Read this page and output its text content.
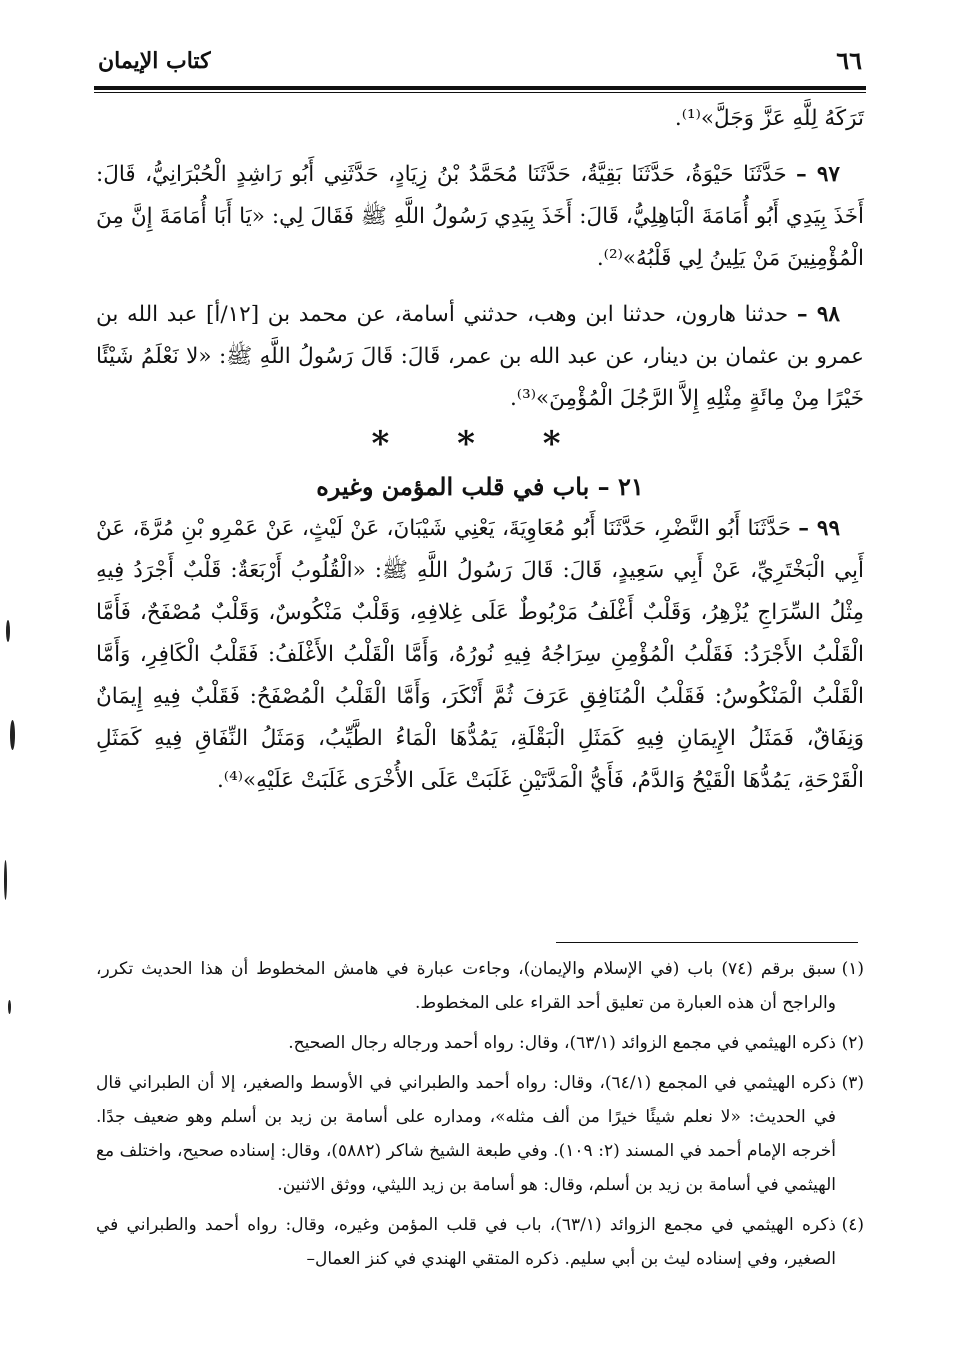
٦٦
كتاب الإيمان

تَرَكَهُ لِلَّهِ عَزَّ وَجَلَّ»⁽¹⁾.

٩٧ – حَدَّثَنَا حَيْوَةُ، حَدَّثَنَا بَقِيَّةُ، حَدَّثَنَا مُحَمَّدُ بْنُ زِيَادٍ، حَدَّثَنِي أَبُو رَاشِدٍ الْحُبْرَانِيُّ، قَالَ: أَخَذَ بِيَدِي أَبُو أُمَامَةَ الْبَاهِلِيُّ، قَالَ: أَخَذَ بِيَدِي رَسُولُ اللَّهِ ﷺ فَقَالَ لِي: «يَا أَبَا أُمَامَةَ إِنَّ مِنَ الْمُؤْمِنِينَ مَنْ يَلِينُ لِي قَلْبُهُ»⁽²⁾.

٩٨ – حدثنا هارون، حدثنا ابن وهب، حدثني أسامة، عن محمد بن [١٢/أ] عبد الله بن عمرو بن عثمان بن دينار، عن عبد الله بن عمر، قَالَ: قَالَ رَسُولُ اللَّهِ ﷺ: «لا نَعْلَمُ شَيْئًا خَيْرًا مِنْ مِائَةٍ مِثْلِهِ إِلاَّ الرَّجُلَ الْمُؤْمِنَ»⁽³⁾.

* * *
٢١ – باب في قلب المؤمن وغيره

٩٩ – حَدَّثَنَا أَبُو النَّضْرِ، حَدَّثَنَا أَبُو مُعَاوِيَةَ، يَعْنِي شَيْبَانَ، عَنْ لَيْثٍ، عَنْ عَمْرِو بْنِ مُرَّةَ، عَنْ أَبِي الْبَخْتَرِيِّ، عَنْ أَبِي سَعِيدٍ، قَالَ: قَالَ رَسُولُ اللَّهِ ﷺ: «الْقُلُوبُ أَرْبَعَةٌ: قَلْبٌ أَجْرَدُ فِيهِ مِثْلُ السِّرَاجِ يُزْهِرُ، وَقَلْبٌ أَغْلَفُ مَرْبُوطٌ عَلَى غِلافِهِ، وَقَلْبٌ مَنْكُوسٌ، وَقَلْبٌ مُصْفَحٌ، فَأَمَّا الْقَلْبُ الأَجْرَدُ: فَقَلْبُ الْمُؤْمِنِ سِرَاجُهُ فِيهِ نُورُهُ، وَأَمَّا الْقَلْبُ الأَغْلَفُ: فَقَلْبُ الْكَافِرِ، وَأَمَّا الْقَلْبُ الْمَنْكُوسُ: فَقَلْبُ الْمُنَافِقِ عَرَفَ ثُمَّ أَنْكَرَ، وَأَمَّا الْقَلْبُ الْمُصْفَحُ: فَقَلْبٌ فِيهِ إِيمَانٌ وَنِفَاقٌ، فَمَثَلُ الإِيمَانِ فِيهِ كَمَثَلِ الْبَقْلَةِ، يَمُدُّهَا الْمَاءُ الطَّيِّبُ، وَمَثَلُ النِّفَاقِ فِيهِ كَمَثَلِ الْقَرْحَةِ، يَمُدُّهَا الْقَيْحُ وَالدَّمُ، فَأَيُّ الْمَدَّتَيْنِ غَلَبَتْ عَلَى الأُخْرَى غَلَبَتْ عَلَيْهِ»⁽⁴⁾.

(١)
سبق برقم (٧٤) باب (في الإسلام والإيمان)، وجاءت عبارة في هامش المخطوط أن هذا الحديث تكرر، والراجح أن هذه العبارة من تعليق أحد القراء على المخطوط.

(٢)
ذكره الهيثمي في مجمع الزوائد (٦٣/١)، وقال: رواه أحمد ورجاله رجال الصحيح.

(٣)
ذكره الهيثمي في المجمع (٦٤/١)، وقال: رواه أحمد والطبراني في الأوسط والصغير، إلا أن الطبراني قال في الحديث: «لا نعلم شيئًا خيرًا من ألف مثله»، ومداره على أسامة بن زيد بن أسلم وهو ضعيف جدًا. أخرجه الإمام أحمد في المسند (٢: ١٠٩). وفي طبعة الشيخ شاكر (٥٨٨٢)، وقال: إسناده صحيح، واختلف مع الهيثمي في أسامة بن زيد بن أسلم، وقال: هو أسامة بن زيد الليثي، ووثق الاثنين.

(٤)
ذكره الهيثمي في مجمع الزوائد (٦٣/١)، باب في قلب المؤمن وغيره، وقال: رواه أحمد والطبراني في الصغير، وفي إسناده ليث بن أبي سليم. ذكره المتقي الهندي في كنز العمال–
